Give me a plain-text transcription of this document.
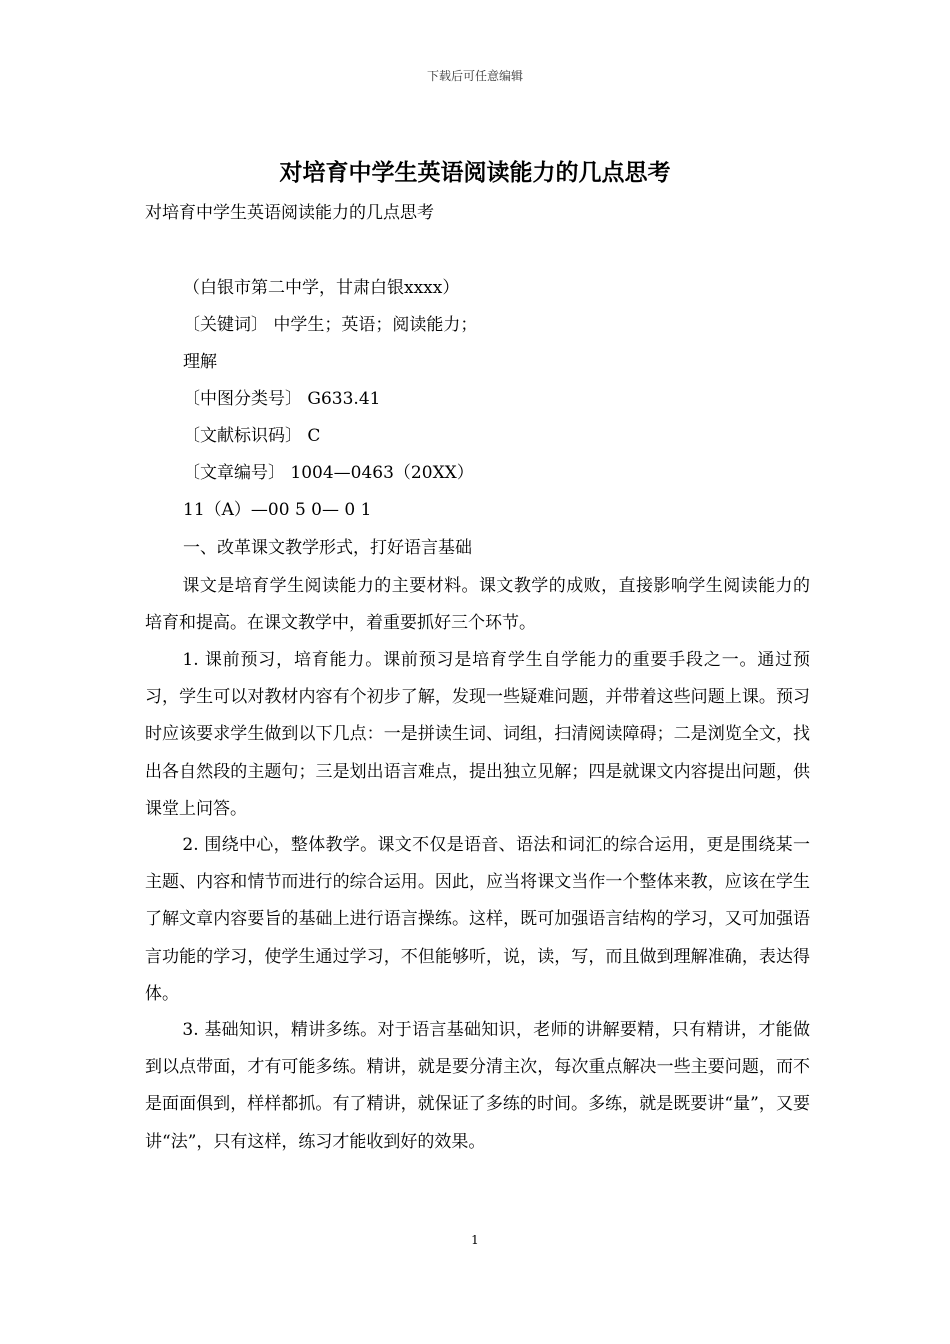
下载后可任意编辑
对培育中学生英语阅读能力的几点思考
对培育中学生英语阅读能力的几点思考
（白银市第二中学，甘肃白银xxxx）
〔关键词〕 中学生；英语；阅读能力；
理解
〔中图分类号〕 G633.41
〔文献标识码〕 C
〔文章编号〕 1004—0463（20XX）
11（A）—00 5 0— 0 1
一、改革课文教学形式，打好语言基础
课文是培育学生阅读能力的主要材料。课文教学的成败，直接影响学生阅读能力的培育和提高。在课文教学中，着重要抓好三个环节。
1. 课前预习，培育能力。课前预习是培育学生自学能力的重要手段之一。通过预习，学生可以对教材内容有个初步了解，发现一些疑难问题，并带着这些问题上课。预习时应该要求学生做到以下几点：一是拼读生词、词组，扫清阅读障碍；二是浏览全文，找出各自然段的主题句；三是划出语言难点，提出独立见解；四是就课文内容提出问题，供课堂上问答。
2. 围绕中心，整体教学。课文不仅是语音、语法和词汇的综合运用，更是围绕某一主题、内容和情节而进行的综合运用。因此，应当将课文当作一个整体来教，应该在学生了解文章内容要旨的基础上进行语言操练。这样，既可加强语言结构的学习，又可加强语言功能的学习，使学生通过学习，不但能够听，说，读，写，而且做到理解准确，表达得体。
3. 基础知识，精讲多练。对于语言基础知识，老师的讲解要精，只有精讲，才能做到以点带面，才有可能多练。精讲，就是要分清主次，每次重点解决一些主要问题，而不是面面俱到，样样都抓。有了精讲，就保证了多练的时间。多练，就是既要讲“量”，又要讲“法”，只有这样，练习才能收到好的效果。
1
